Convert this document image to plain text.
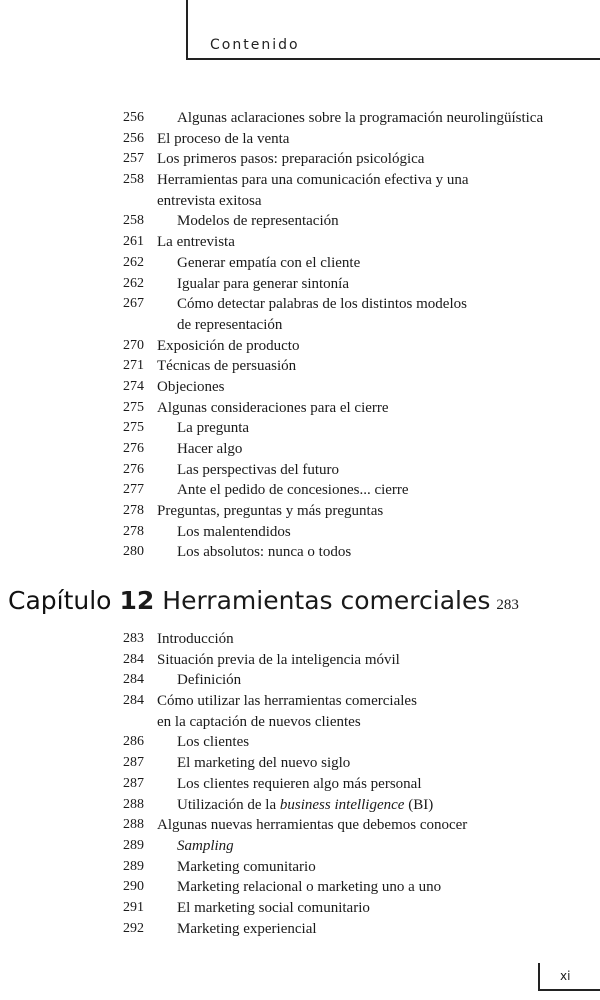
Contenido
256 Algunas aclaraciones sobre la programación neurolingüística
256 El proceso de la venta
257 Los primeros pasos: preparación psicológica
258 Herramientas para una comunicación efectiva y una
entrevista exitosa
258 Modelos de representación
261 La entrevista
262 Generar empatía con el cliente
262 Igualar para generar sintonía
267 Cómo detectar palabras de los distintos modelos
de representación
270 Exposición de producto
271 Técnicas de persuasión
274 Objeciones
275 Algunas consideraciones para el cierre
275 La pregunta
276 Hacer algo
276 Las perspectivas del futuro
277 Ante el pedido de concesiones... cierre
278 Preguntas, preguntas y más preguntas
278 Los malentendidos
280 Los absolutos: nunca o todos
Capítulo 12 Herramientas comerciales 283
283 Introducción
284 Situación previa de la inteligencia móvil
284 Definición
284 Cómo utilizar las herramientas comerciales
en la captación de nuevos clientes
286 Los clientes
287 El marketing del nuevo siglo
287 Los clientes requieren algo más personal
288 Utilización de la business intelligence (BI)
288 Algunas nuevas herramientas que debemos conocer
289 Sampling
289 Marketing comunitario
290 Marketing relacional o marketing uno a uno
291 El marketing social comunitario
292 Marketing experiencial
xi
